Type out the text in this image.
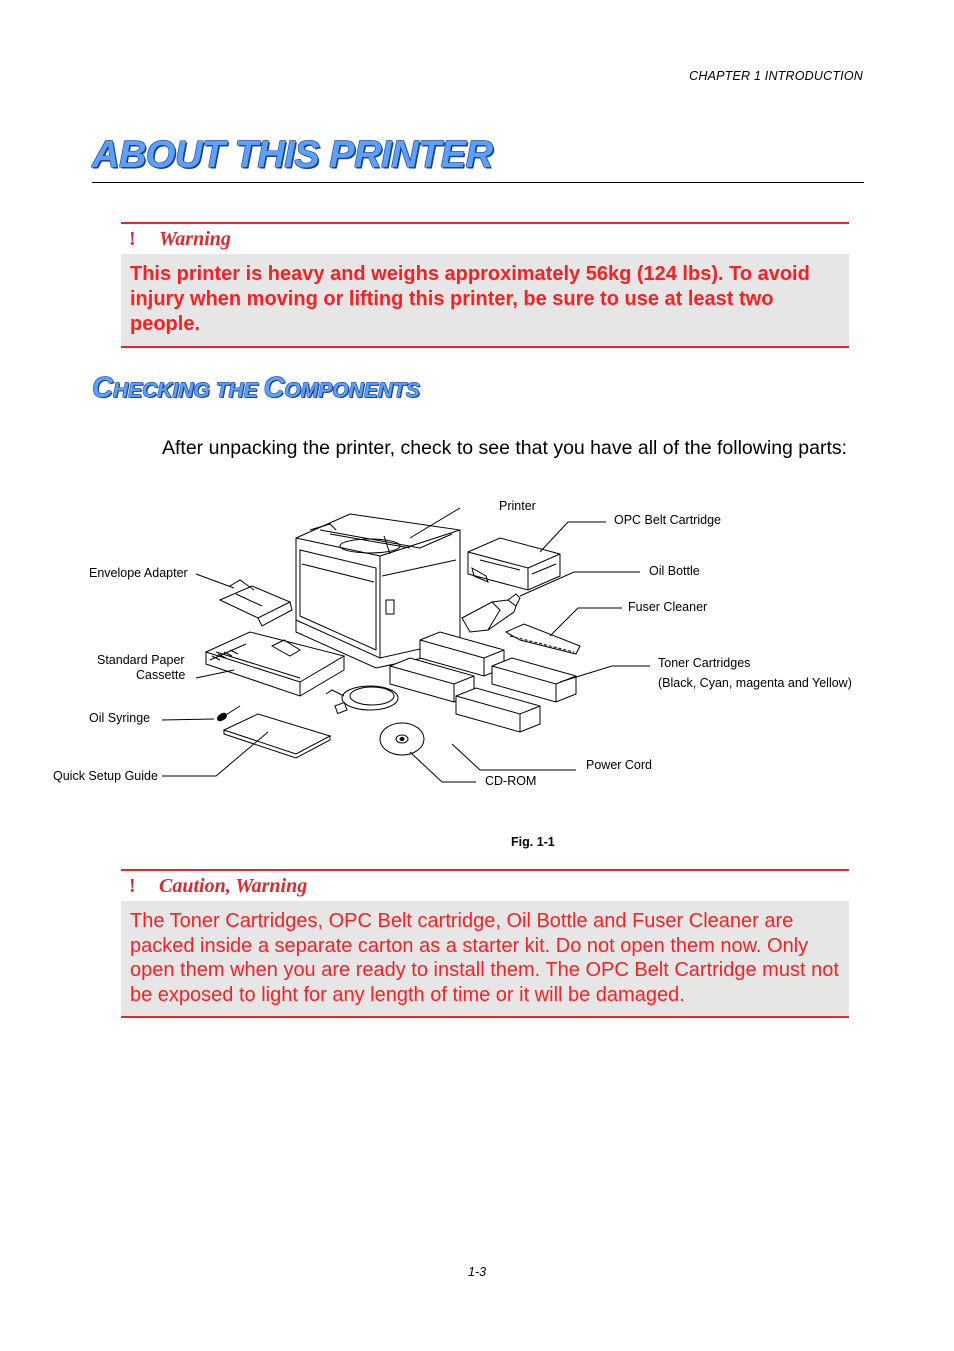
CHAPTER 1 INTRODUCTION
ABOUT THIS PRINTER
!	Warning
This printer is heavy and weighs approximately 56kg (124 lbs). To avoid injury when moving or lifting this printer, be sure to use at least two people.
CHECKING THE COMPONENTS
After unpacking the printer, check to see that you have all of the following parts:
Printer
OPC Belt Cartridge
Oil Bottle
Fuser Cleaner
Envelope Adapter
Standard Paper
Cassette
Toner Cartridges
(Black, Cyan, magenta and Yellow)
Oil Syringe
Quick Setup Guide
Power Cord
CD-ROM
Fig. 1-1
!	Caution, Warning
The Toner Cartridges, OPC Belt cartridge, Oil Bottle and Fuser Cleaner are packed inside a separate carton as a starter kit. Do not open them now. Only open them when you are ready to install them. The OPC Belt Cartridge must not be exposed to light for any length of time or it will be damaged.
1-3
